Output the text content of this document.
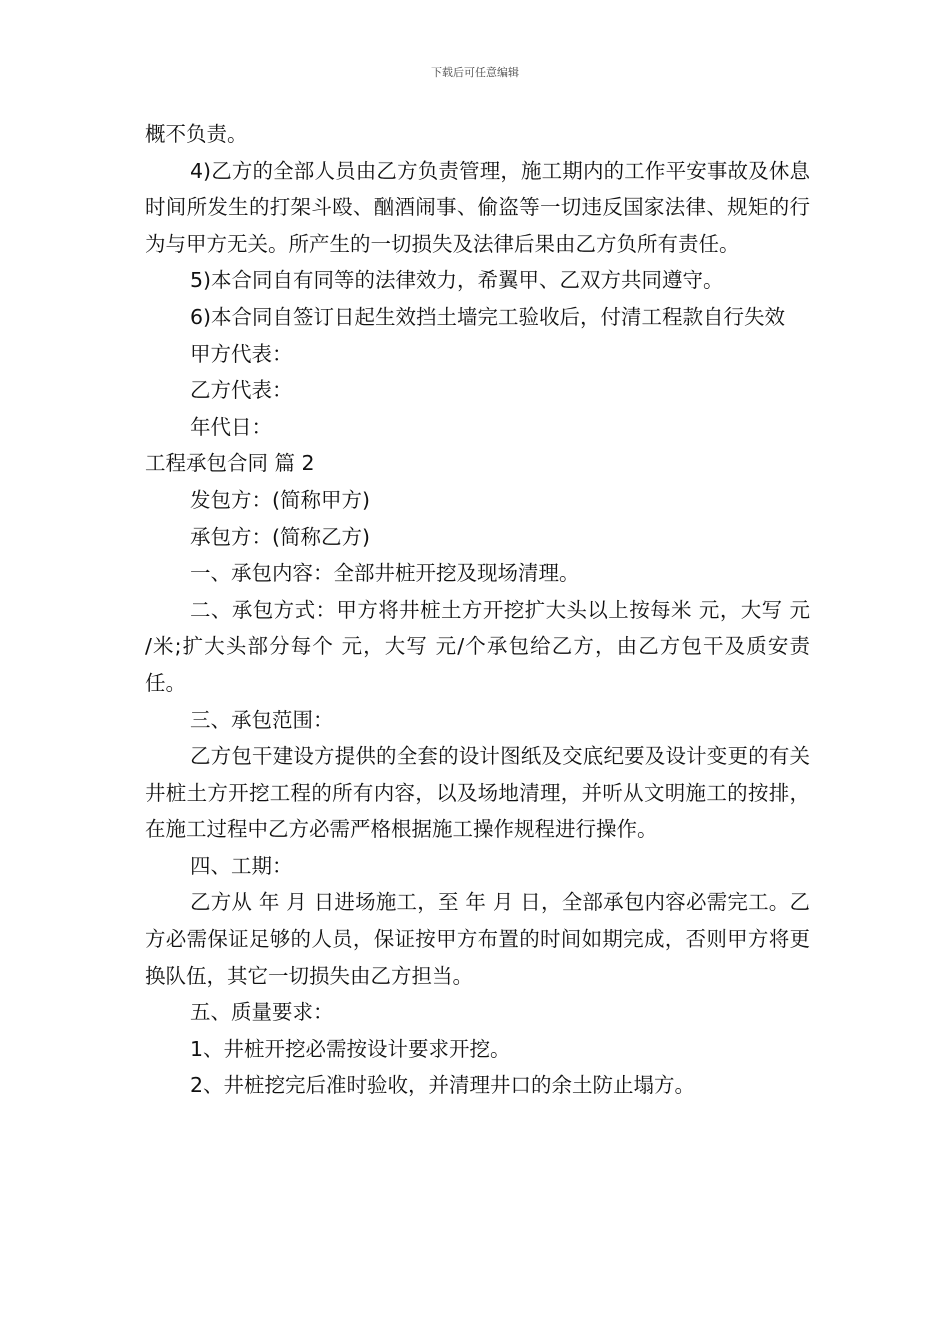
下载后可任意编辑

概不负责。

4)乙方的全部人员由乙方负责管理，施工期内的工作平安事故及休息时间所发生的打架斗殴、酗酒闹事、偷盗等一切违反国家法律、规矩的行为与甲方无关。所产生的一切损失及法律后果由乙方负所有责任。

5)本合同自有同等的法律效力，希翼甲、乙双方共同遵守。

6)本合同自签订日起生效挡土墙完工验收后，付清工程款自行失效

甲方代表：

乙方代表：

年代日：

工程承包合同 篇 2

发包方：(简称甲方)

承包方：(简称乙方)

一、承包内容：全部井桩开挖及现场清理。

二、承包方式：甲方将井桩土方开挖扩大头以上按每米 元，大写 元 /米;扩大头部分每个 元，大写 元/个承包给乙方，由乙方包干及质安责任。

三、承包范围：

乙方包干建设方提供的全套的设计图纸及交底纪要及设计变更的有关井桩土方开挖工程的所有内容，以及场地清理，并听从文明施工的按排，在施工过程中乙方必需严格根据施工操作规程进行操作。

四、工期：

乙方从 年 月 日进场施工，至 年 月 日，全部承包内容必需完工。乙方必需保证足够的人员，保证按甲方布置的时间如期完成，否则甲方将更换队伍，其它一切损失由乙方担当。

五、质量要求：

1、井桩开挖必需按设计要求开挖。

2、井桩挖完后准时验收，并清理井口的余土防止塌方。
